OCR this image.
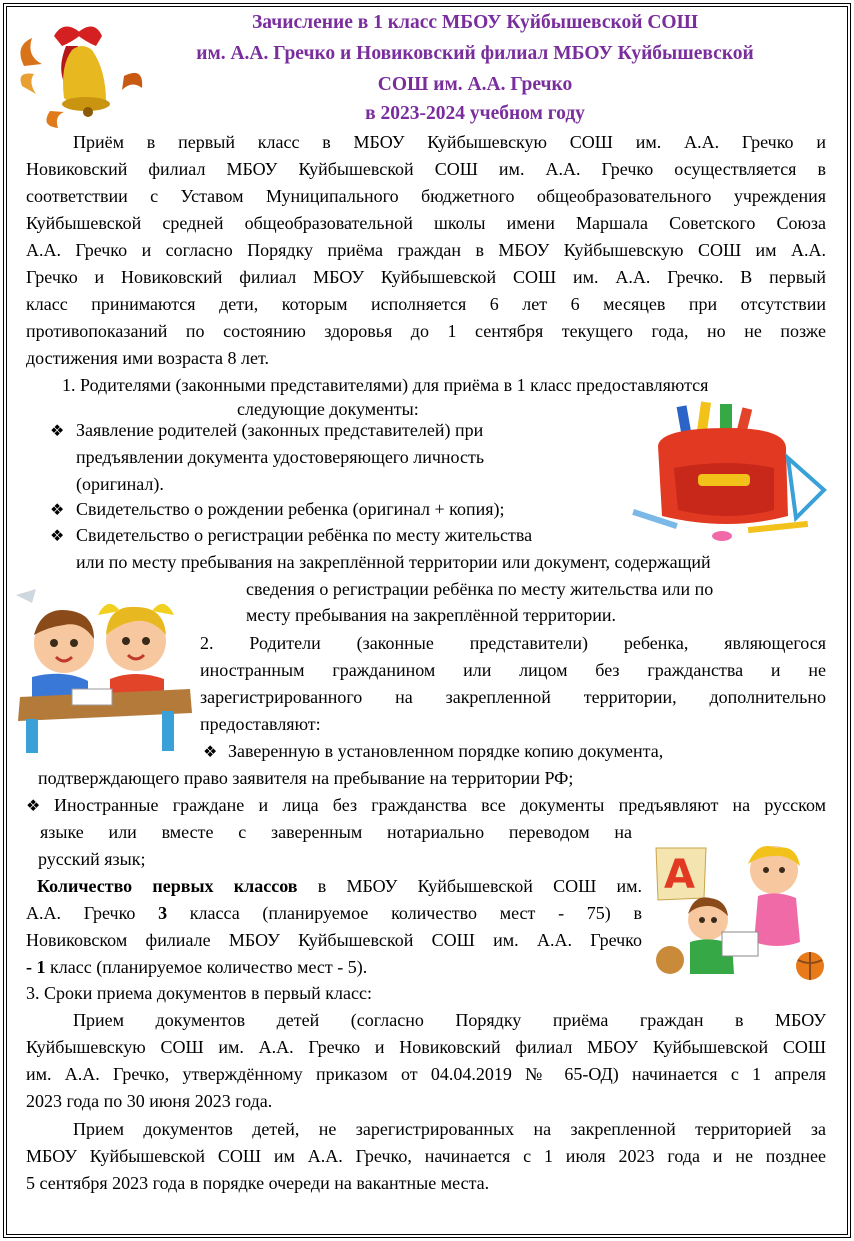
A
Зачисление в 1 класс МБОУ Куйбышевской СОШ
им. А.А. Гречко и Новиковский филиал МБОУ Куйбышевской
СОШ им. А.А. Гречко
в 2023-2024 учебном году
Приём в первый класс в МБОУ Куйбышевскую СОШ им. А.А. Гречко и
Новиковский филиал МБОУ Куйбышевской СОШ им. А.А. Гречко осуществляется в
соответствии с Уставом Муниципального бюджетного общеобразовательного учреждения
Куйбышевской средней общеобразовательной школы имени Маршала Советского Союза
А.А. Гречко и согласно Порядку приёма граждан в МБОУ Куйбышевскую СОШ им А.А.
Гречко и Новиковский филиал МБОУ Куйбышевской СОШ им. А.А. Гречко. В первый
класс принимаются дети, которым исполняется 6 лет 6 месяцев при отсутствии
противопоказаний по состоянию здоровья до 1 сентября текущего года, но не позже
достижения ими возраста 8 лет.
1. Родителями (законными представителями) для приёма в 1 класс предоставляются
следующие документы:
❖ Заявление родителей (законных представителей) при
предъявлении документа удостоверяющего личность
(оригинал).
❖ Свидетельство о рождении ребенка (оригинал + копия);
❖ Свидетельство о регистрации ребёнка по месту жительства
или по месту пребывания на закреплённой территории или документ, содержащий
сведения о регистрации ребёнка по месту жительства или по
месту пребывания на закреплённой территории.
2. Родители (законные представители) ребенка, являющегося
иностранным гражданином или лицом без гражданства и не
зарегистрированного на закрепленной территории, дополнительно
предоставляют:
❖ Заверенную в установленном порядке копию документа,
подтверждающего право заявителя на пребывание на территории РФ;
❖ Иностранные граждане и лица без гражданства все документы предъявляют на русском
языке или вместе с заверенным нотариально переводом на
русский язык;
Количество первых классов в МБОУ Куйбышевской СОШ им.
А.А. Гречко 3 класса (планируемое количество мест - 75) в
Новиковском филиале МБОУ Куйбышевской СОШ им. А.А. Гречко
- 1 класс (планируемое количество мест - 5).
3. Сроки приема документов в первый класс:
Прием документов детей (согласно Порядку приёма граждан в МБОУ
Куйбышевскую СОШ им. А.А. Гречко и Новиковский филиал МБОУ Куйбышевской СОШ
им. А.А. Гречко, утверждённому приказом от 04.04.2019 № 65-ОД) начинается с 1 апреля
2023 года по 30 июня 2023 года.
Прием документов детей, не зарегистрированных на закрепленной территорией за
МБОУ Куйбышевской СОШ им А.А. Гречко, начинается с 1 июля 2023 года и не позднее
5 сентября 2023 года в порядке очереди на вакантные места.
